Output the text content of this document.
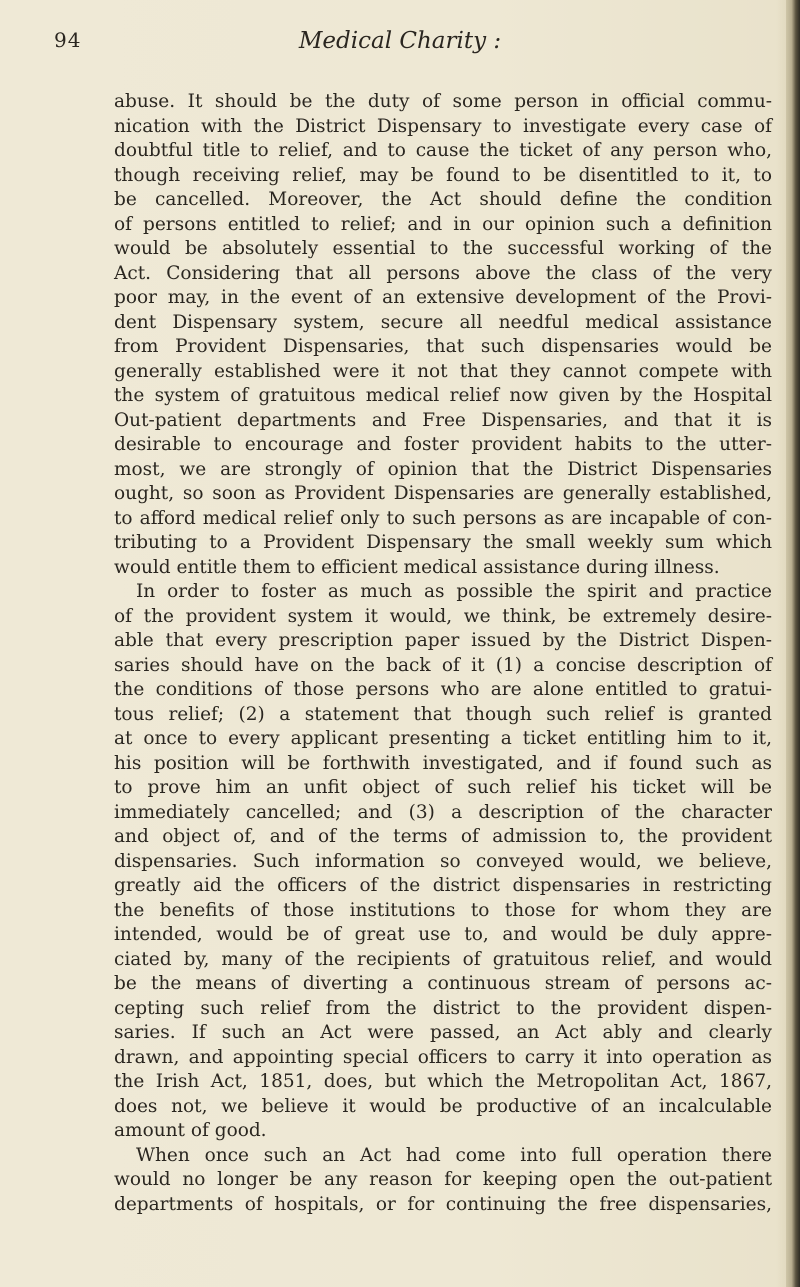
94	Medical Charity :
abuse. It should be the duty of some person in official commu-
nication with the District Dispensary to investigate every case of
doubtful title to relief, and to cause the ticket of any person who,
though receiving relief, may be found to be disentitled to it, to
be cancelled. Moreover, the Act should define the condition
of persons entitled to relief; and in our opinion such a definition
would be absolutely essential to the successful working of the
Act. Considering that all persons above the class of the very
poor may, in the event of an extensive development of the Provi-
dent Dispensary system, secure all needful medical assistance
from Provident Dispensaries, that such dispensaries would be
generally established were it not that they cannot compete with
the system of gratuitous medical relief now given by the Hospital
Out-patient departments and Free Dispensaries, and that it is
desirable to encourage and foster provident habits to the utter-
most, we are strongly of opinion that the District Dispensaries
ought, so soon as Provident Dispensaries are generally established,
to afford medical relief only to such persons as are incapable of con-
tributing to a Provident Dispensary the small weekly sum which
would entitle them to efficient medical assistance during illness.
In order to foster as much as possible the spirit and practice
of the provident system it would, we think, be extremely desire-
able that every prescription paper issued by the District Dispen-
saries should have on the back of it (1) a concise description of
the conditions of those persons who are alone entitled to gratui-
tous relief; (2) a statement that though such relief is granted
at once to every applicant presenting a ticket entitling him to it,
his position will be forthwith investigated, and if found such as
to prove him an unfit object of such relief his ticket will be
immediately cancelled; and (3) a description of the character
and object of, and of the terms of admission to, the provident
dispensaries. Such information so conveyed would, we believe,
greatly aid the officers of the district dispensaries in restricting
the benefits of those institutions to those for whom they are
intended, would be of great use to, and would be duly appre-
ciated by, many of the recipients of gratuitous relief, and would
be the means of diverting a continuous stream of persons ac-
cepting such relief from the district to the provident dispen-
saries. If such an Act were passed, an Act ably and clearly
drawn, and appointing special officers to carry it into operation as
the Irish Act, 1851, does, but which the Metropolitan Act, 1867,
does not, we believe it would be productive of an incalculable
amount of good.
When once such an Act had come into full operation there
would no longer be any reason for keeping open the out-patient
departments of hospitals, or for continuing the free dispensaries,
